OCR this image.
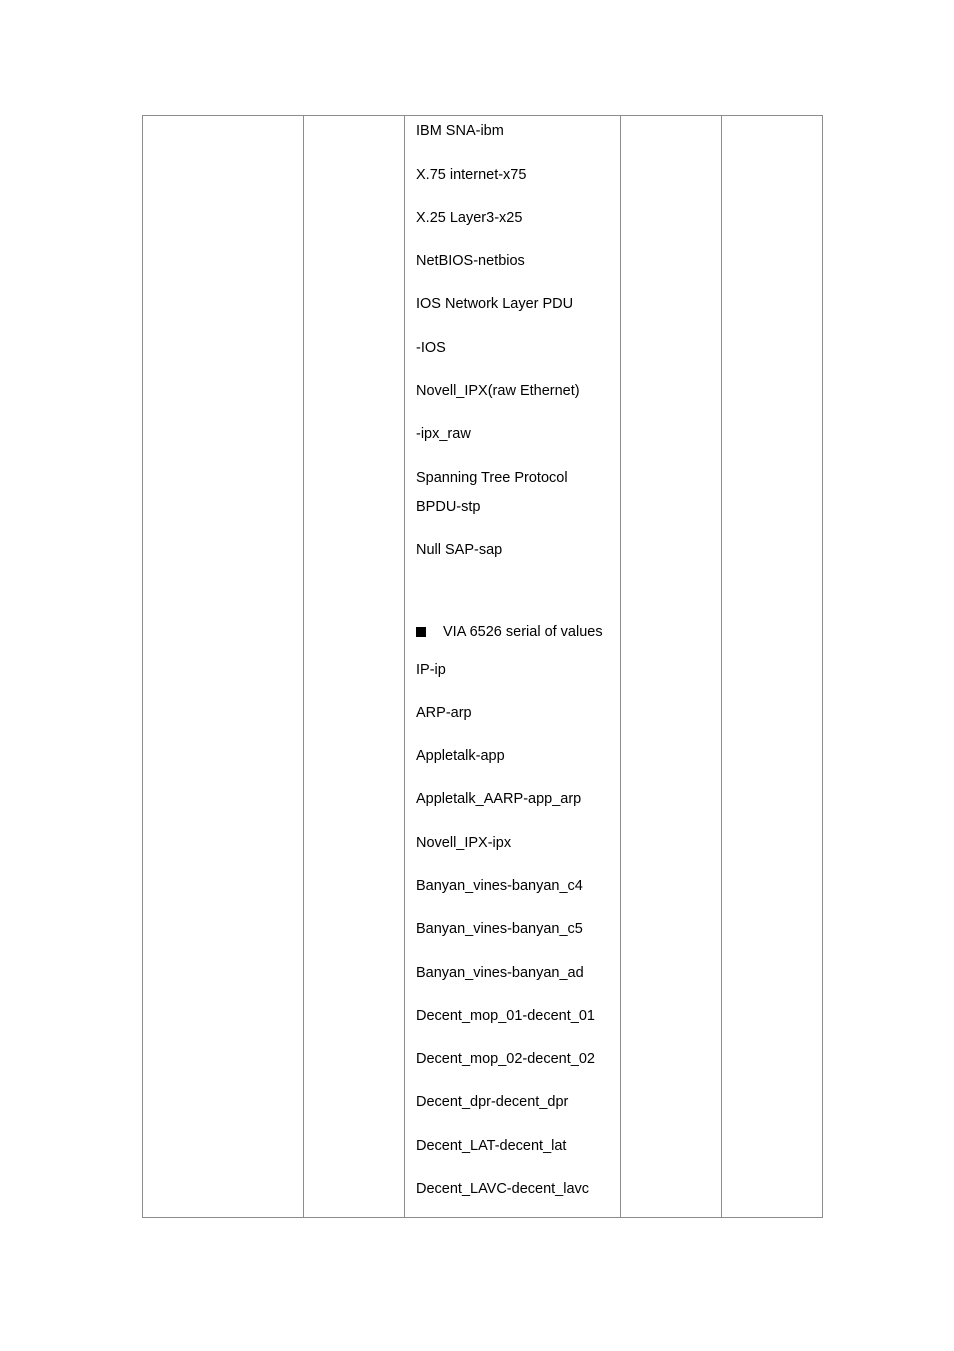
IBM SNA-ibm
X.75 internet-x75
X.25 Layer3-x25
NetBIOS-netbios
IOS Network Layer PDU
-IOS
Novell_IPX(raw Ethernet)
-ipx_raw
Spanning Tree Protocol
BPDU-stp
Null SAP-sap
VIA 6526 serial of values
IP-ip
ARP-arp
Appletalk-app
Appletalk_AARP-app_arp
Novell_IPX-ipx
Banyan_vines-banyan_c4
Banyan_vines-banyan_c5
Banyan_vines-banyan_ad
Decent_mop_01-decent_01
Decent_mop_02-decent_02
Decent_dpr-decent_dpr
Decent_LAT-decent_lat
Decent_LAVC-decent_lavc
